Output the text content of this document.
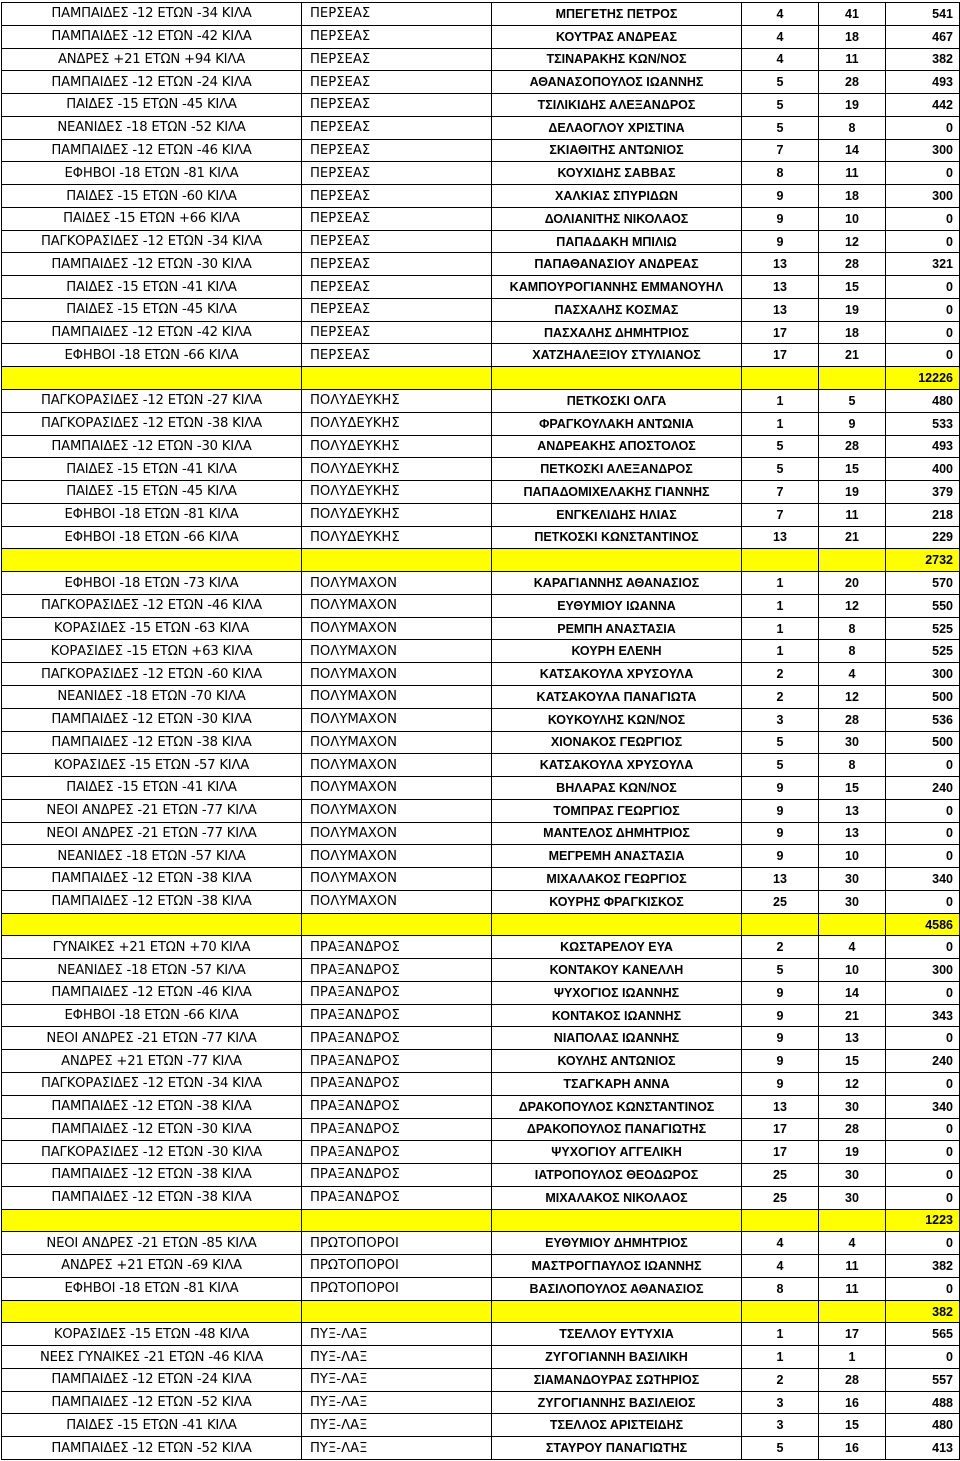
ΠΑΜΠΑΙΔΕΣ -12 ΕΤΩΝ -34 ΚΙΛΑ	ΠΕΡΣΕΑΣ	ΜΠΕΓΕΤΗΣ ΠΕΤΡΟΣ	4	41	541
ΠΑΜΠΑΙΔΕΣ -12 ΕΤΩΝ -42 ΚΙΛΑ	ΠΕΡΣΕΑΣ	ΚΟΥΤΡΑΣ ΑΝΔΡΕΑΣ	4	18	467
ΑΝΔΡΕΣ +21 ΕΤΩΝ +94 ΚΙΛΑ	ΠΕΡΣΕΑΣ	ΤΣΙΝΑΡΑΚΗΣ ΚΩΝ/ΝΟΣ	4	11	382
ΠΑΜΠΑΙΔΕΣ -12 ΕΤΩΝ -24 ΚΙΛΑ	ΠΕΡΣΕΑΣ	ΑΘΑΝΑΣΟΠΟΥΛΟΣ ΙΩΑΝΝΗΣ	5	28	493
ΠΑΙΔΕΣ -15 ΕΤΩΝ -45 ΚΙΛΑ	ΠΕΡΣΕΑΣ	ΤΣΙΛΙΚΙΔΗΣ ΑΛΕΞΑΝΔΡΟΣ	5	19	442
ΝΕΑΝΙΔΕΣ -18 ΕΤΩΝ -52 ΚΙΛΑ	ΠΕΡΣΕΑΣ	ΔΕΛΑΟΓΛΟΥ ΧΡΙΣΤΙΝΑ	5	8	0
ΠΑΜΠΑΙΔΕΣ -12 ΕΤΩΝ -46 ΚΙΛΑ	ΠΕΡΣΕΑΣ	ΣΚΙΑΘΙΤΗΣ ΑΝΤΩΝΙΟΣ	7	14	300
ΕΦΗΒΟΙ -18 ΕΤΩΝ -81 ΚΙΛΑ	ΠΕΡΣΕΑΣ	ΚΟΥΧΙΔΗΣ ΣΑΒΒΑΣ	8	11	0
ΠΑΙΔΕΣ -15 ΕΤΩΝ -60 ΚΙΛΑ	ΠΕΡΣΕΑΣ	ΧΑΛΚΙΑΣ ΣΠΥΡΙΔΩΝ	9	18	300
ΠΑΙΔΕΣ -15 ΕΤΩΝ +66 ΚΙΛΑ	ΠΕΡΣΕΑΣ	ΔΟΛΙΑΝΙΤΗΣ ΝΙΚΟΛΑΟΣ	9	10	0
ΠΑΓΚΟΡΑΣΙΔΕΣ -12 ΕΤΩΝ -34 ΚΙΛΑ	ΠΕΡΣΕΑΣ	ΠΑΠΑΔΑΚΗ ΜΠΙΛΙΩ	9	12	0
ΠΑΜΠΑΙΔΕΣ -12 ΕΤΩΝ -30 ΚΙΛΑ	ΠΕΡΣΕΑΣ	ΠΑΠΑΘΑΝΑΣΙΟΥ ΑΝΔΡΕΑΣ	13	28	321
ΠΑΙΔΕΣ -15 ΕΤΩΝ -41 ΚΙΛΑ	ΠΕΡΣΕΑΣ	ΚΑΜΠΟΥΡΟΓΙΑΝΝΗΣ ΕΜΜΑΝΟΥΗΛ	13	15	0
ΠΑΙΔΕΣ -15 ΕΤΩΝ -45 ΚΙΛΑ	ΠΕΡΣΕΑΣ	ΠΑΣΧΑΛΗΣ ΚΟΣΜΑΣ	13	19	0
ΠΑΜΠΑΙΔΕΣ -12 ΕΤΩΝ -42 ΚΙΛΑ	ΠΕΡΣΕΑΣ	ΠΑΣΧΑΛΗΣ ΔΗΜΗΤΡΙΟΣ	17	18	0
ΕΦΗΒΟΙ -18 ΕΤΩΝ -66 ΚΙΛΑ	ΠΕΡΣΕΑΣ	ΧΑΤΖΗΑΛΕΞΙΟΥ ΣΤΥΛΙΑΝΟΣ	17	21	0
					12226
ΠΑΓΚΟΡΑΣΙΔΕΣ -12 ΕΤΩΝ -27 ΚΙΛΑ	ΠΟΛΥΔΕΥΚΗΣ	ΠΕΤΚΟΣΚΙ ΟΛΓΑ	1	5	480
ΠΑΓΚΟΡΑΣΙΔΕΣ -12 ΕΤΩΝ -38 ΚΙΛΑ	ΠΟΛΥΔΕΥΚΗΣ	ΦΡΑΓΚΟΥΛΑΚΗ ΑΝΤΩΝΙΑ	1	9	533
ΠΑΜΠΑΙΔΕΣ -12 ΕΤΩΝ -30 ΚΙΛΑ	ΠΟΛΥΔΕΥΚΗΣ	ΑΝΔΡΕΑΚΗΣ ΑΠΟΣΤΟΛΟΣ	5	28	493
ΠΑΙΔΕΣ -15 ΕΤΩΝ -41 ΚΙΛΑ	ΠΟΛΥΔΕΥΚΗΣ	ΠΕΤΚΟΣΚΙ ΑΛΕΞΑΝΔΡΟΣ	5	15	400
ΠΑΙΔΕΣ -15 ΕΤΩΝ -45 ΚΙΛΑ	ΠΟΛΥΔΕΥΚΗΣ	ΠΑΠΑΔΟΜΙΧΕΛΑΚΗΣ ΓΙΑΝΝΗΣ	7	19	379
ΕΦΗΒΟΙ -18 ΕΤΩΝ -81 ΚΙΛΑ	ΠΟΛΥΔΕΥΚΗΣ	ΕΝΓΚΕΛΙΔΗΣ ΗΛΙΑΣ	7	11	218
ΕΦΗΒΟΙ -18 ΕΤΩΝ -66 ΚΙΛΑ	ΠΟΛΥΔΕΥΚΗΣ	ΠΕΤΚΟΣΚΙ ΚΩΝΣΤΑΝΤΙΝΟΣ	13	21	229
					2732
ΕΦΗΒΟΙ -18 ΕΤΩΝ -73 ΚΙΛΑ	ΠΟΛΥΜΑΧΟΝ	ΚΑΡΑΓΙΑΝΝΗΣ ΑΘΑΝΑΣΙΟΣ	1	20	570
ΠΑΓΚΟΡΑΣΙΔΕΣ -12 ΕΤΩΝ -46 ΚΙΛΑ	ΠΟΛΥΜΑΧΟΝ	ΕΥΘΥΜΙΟΥ ΙΩΑΝΝΑ	1	12	550
ΚΟΡΑΣΙΔΕΣ -15 ΕΤΩΝ -63 ΚΙΛΑ	ΠΟΛΥΜΑΧΟΝ	ΡΕΜΠΗ ΑΝΑΣΤΑΣΙΑ	1	8	525
ΚΟΡΑΣΙΔΕΣ -15 ΕΤΩΝ +63 ΚΙΛΑ	ΠΟΛΥΜΑΧΟΝ	ΚΟΥΡΗ ΕΛΕΝΗ	1	8	525
ΠΑΓΚΟΡΑΣΙΔΕΣ -12 ΕΤΩΝ -60 ΚΙΛΑ	ΠΟΛΥΜΑΧΟΝ	ΚΑΤΣΑΚΟΥΛΑ ΧΡΥΣΟΥΛΑ	2	4	300
ΝΕΑΝΙΔΕΣ -18 ΕΤΩΝ -70 ΚΙΛΑ	ΠΟΛΥΜΑΧΟΝ	ΚΑΤΣΑΚΟΥΛΑ ΠΑΝΑΓΙΩΤΑ	2	12	500
ΠΑΜΠΑΙΔΕΣ -12 ΕΤΩΝ -30 ΚΙΛΑ	ΠΟΛΥΜΑΧΟΝ	ΚΟΥΚΟΥΛΗΣ ΚΩΝ/ΝΟΣ	3	28	536
ΠΑΜΠΑΙΔΕΣ -12 ΕΤΩΝ -38 ΚΙΛΑ	ΠΟΛΥΜΑΧΟΝ	ΧΙΟΝΑΚΟΣ ΓΕΩΡΓΙΟΣ	5	30	500
ΚΟΡΑΣΙΔΕΣ -15 ΕΤΩΝ -57 ΚΙΛΑ	ΠΟΛΥΜΑΧΟΝ	ΚΑΤΣΑΚΟΥΛΑ ΧΡΥΣΟΥΛΑ	5	8	0
ΠΑΙΔΕΣ -15 ΕΤΩΝ -41 ΚΙΛΑ	ΠΟΛΥΜΑΧΟΝ	ΒΗΛΑΡΑΣ ΚΩΝ/ΝΟΣ	9	15	240
ΝΕΟΙ ΑΝΔΡΕΣ -21 ΕΤΩΝ -77 ΚΙΛΑ	ΠΟΛΥΜΑΧΟΝ	ΤΟΜΠΡΑΣ ΓΕΩΡΓΙΟΣ	9	13	0
ΝΕΟΙ ΑΝΔΡΕΣ -21 ΕΤΩΝ -77 ΚΙΛΑ	ΠΟΛΥΜΑΧΟΝ	ΜΑΝΤΕΛΟΣ ΔΗΜΗΤΡΙΟΣ	9	13	0
ΝΕΑΝΙΔΕΣ -18 ΕΤΩΝ -57 ΚΙΛΑ	ΠΟΛΥΜΑΧΟΝ	ΜΕΓΡΕΜΗ ΑΝΑΣΤΑΣΙΑ	9	10	0
ΠΑΜΠΑΙΔΕΣ -12 ΕΤΩΝ -38 ΚΙΛΑ	ΠΟΛΥΜΑΧΟΝ	ΜΙΧΑΛΑΚΟΣ ΓΕΩΡΓΙΟΣ	13	30	340
ΠΑΜΠΑΙΔΕΣ -12 ΕΤΩΝ -38 ΚΙΛΑ	ΠΟΛΥΜΑΧΟΝ	ΚΟΥΡΗΣ ΦΡΑΓΚΙΣΚΟΣ	25	30	0
					4586
ΓΥΝΑΙΚΕΣ +21 ΕΤΩΝ +70 ΚΙΛΑ	ΠΡΑΞΑΝΔΡΟΣ	ΚΩΣΤΑΡΕΛΟΥ ΕΥΑ	2	4	0
ΝΕΑΝΙΔΕΣ -18 ΕΤΩΝ -57 ΚΙΛΑ	ΠΡΑΞΑΝΔΡΟΣ	ΚΟΝΤΑΚΟΥ ΚΑΝΕΛΛΗ	5	10	300
ΠΑΜΠΑΙΔΕΣ -12 ΕΤΩΝ -46 ΚΙΛΑ	ΠΡΑΞΑΝΔΡΟΣ	ΨΥΧΟΓΙΟΣ ΙΩΑΝΝΗΣ	9	14	0
ΕΦΗΒΟΙ -18 ΕΤΩΝ -66 ΚΙΛΑ	ΠΡΑΞΑΝΔΡΟΣ	ΚΟΝΤΑΚΟΣ ΙΩΑΝΝΗΣ	9	21	343
ΝΕΟΙ ΑΝΔΡΕΣ -21 ΕΤΩΝ -77 ΚΙΛΑ	ΠΡΑΞΑΝΔΡΟΣ	ΝΙΑΠΟΛΑΣ ΙΩΑΝΝΗΣ	9	13	0
ΑΝΔΡΕΣ +21 ΕΤΩΝ -77 ΚΙΛΑ	ΠΡΑΞΑΝΔΡΟΣ	ΚΟΥΛΗΣ ΑΝΤΩΝΙΟΣ	9	15	240
ΠΑΓΚΟΡΑΣΙΔΕΣ -12 ΕΤΩΝ -34 ΚΙΛΑ	ΠΡΑΞΑΝΔΡΟΣ	ΤΣΑΓΚΑΡΗ ΑΝΝΑ	9	12	0
ΠΑΜΠΑΙΔΕΣ -12 ΕΤΩΝ -38 ΚΙΛΑ	ΠΡΑΞΑΝΔΡΟΣ	ΔΡΑΚΟΠΟΥΛΟΣ ΚΩΝΣΤΑΝΤΙΝΟΣ	13	30	340
ΠΑΜΠΑΙΔΕΣ -12 ΕΤΩΝ -30 ΚΙΛΑ	ΠΡΑΞΑΝΔΡΟΣ	ΔΡΑΚΟΠΟΥΛΟΣ ΠΑΝΑΓΙΩΤΗΣ	17	28	0
ΠΑΓΚΟΡΑΣΙΔΕΣ -12 ΕΤΩΝ -30 ΚΙΛΑ	ΠΡΑΞΑΝΔΡΟΣ	ΨΥΧΟΓΙΟΥ ΑΓΓΕΛΙΚΗ	17	19	0
ΠΑΜΠΑΙΔΕΣ -12 ΕΤΩΝ -38 ΚΙΛΑ	ΠΡΑΞΑΝΔΡΟΣ	ΙΑΤΡΟΠΟΥΛΟΣ ΘΕΟΔΩΡΟΣ	25	30	0
ΠΑΜΠΑΙΔΕΣ -12 ΕΤΩΝ -38 ΚΙΛΑ	ΠΡΑΞΑΝΔΡΟΣ	ΜΙΧΑΛΑΚΟΣ ΝΙΚΟΛΑΟΣ	25	30	0
					1223
ΝΕΟΙ ΑΝΔΡΕΣ -21 ΕΤΩΝ -85 ΚΙΛΑ	ΠΡΩΤΟΠΟΡΟΙ	ΕΥΘΥΜΙΟΥ ΔΗΜΗΤΡΙΟΣ	4	4	0
ΑΝΔΡΕΣ +21 ΕΤΩΝ -69 ΚΙΛΑ	ΠΡΩΤΟΠΟΡΟΙ	ΜΑΣΤΡΟΓΠΑΥΛΟΣ ΙΩΑΝΝΗΣ	4	11	382
ΕΦΗΒΟΙ -18 ΕΤΩΝ -81 ΚΙΛΑ	ΠΡΩΤΟΠΟΡΟΙ	ΒΑΣΙΛΟΠΟΥΛΟΣ ΑΘΑΝΑΣΙΟΣ	8	11	0
					382
ΚΟΡΑΣΙΔΕΣ -15 ΕΤΩΝ -48 ΚΙΛΑ	ΠΥΞ-ΛΑΞ	ΤΣΕΛΛΟΥ ΕΥΤΥΧΙΑ	1	17	565
ΝΕΕΣ ΓΥΝΑΙΚΕΣ -21 ΕΤΩΝ -46 ΚΙΛΑ	ΠΥΞ-ΛΑΞ	ΖΥΓΟΓΙΑΝΝΗ ΒΑΣΙΛΙΚΗ	1	1	0
ΠΑΜΠΑΙΔΕΣ -12 ΕΤΩΝ -24 ΚΙΛΑ	ΠΥΞ-ΛΑΞ	ΣΙΑΜΑΝΔΟΥΡΑΣ ΣΩΤΗΡΙΟΣ	2	28	557
ΠΑΜΠΑΙΔΕΣ -12 ΕΤΩΝ -52 ΚΙΛΑ	ΠΥΞ-ΛΑΞ	ΖΥΓΟΓΙΑΝΝΗΣ ΒΑΣΙΛΕΙΟΣ	3	16	488
ΠΑΙΔΕΣ -15 ΕΤΩΝ -41 ΚΙΛΑ	ΠΥΞ-ΛΑΞ	ΤΣΕΛΛΟΣ ΑΡΙΣΤΕΙΔΗΣ	3	15	480
ΠΑΜΠΑΙΔΕΣ -12 ΕΤΩΝ -52 ΚΙΛΑ	ΠΥΞ-ΛΑΞ	ΣΤΑΥΡΟΥ ΠΑΝΑΓΙΩΤΗΣ	5	16	413
